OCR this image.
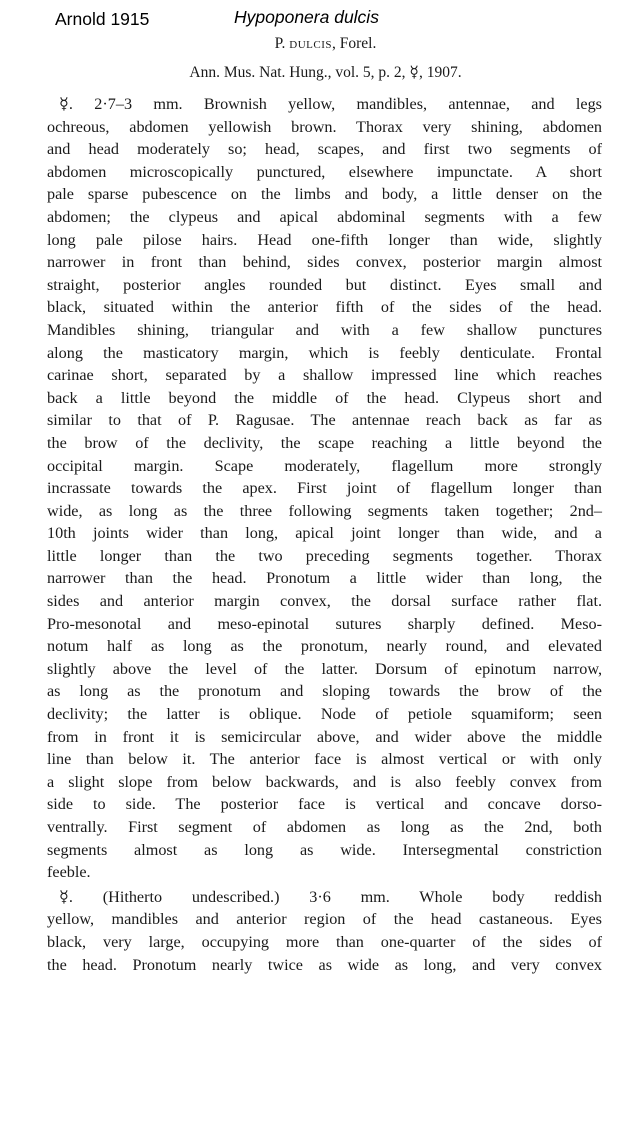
Arnold 1915	Hypoponera dulcis
P. dulcis, Forel.
Ann. Mus. Nat. Hung., vol. 5, p. 2, ☿, 1907.
☿. 2·7–3 mm. Brownish yellow, mandibles, antennae, and legs
ochreous, abdomen yellowish brown. Thorax very shining, abdomen
and head moderately so; head, scapes, and first two segments of
abdomen microscopically punctured, elsewhere impunctate. A short
pale sparse pubescence on the limbs and body, a little denser on the
abdomen; the clypeus and apical abdominal segments with a few
long pale pilose hairs. Head one-fifth longer than wide, slightly
narrower in front than behind, sides convex, posterior margin almost
straight, posterior angles rounded but distinct. Eyes small and
black, situated within the anterior fifth of the sides of the head.
Mandibles shining, triangular and with a few shallow punctures
along the masticatory margin, which is feebly denticulate. Frontal
carinae short, separated by a shallow impressed line which reaches
back a little beyond the middle of the head. Clypeus short and
similar to that of P. Ragusae. The antennae reach back as far as
the brow of the declivity, the scape reaching a little beyond the
occipital margin. Scape moderately, flagellum more strongly
incrassate towards the apex. First joint of flagellum longer than
wide, as long as the three following segments taken together; 2nd–
10th joints wider than long, apical joint longer than wide, and a
little longer than the two preceding segments together. Thorax
narrower than the head. Pronotum a little wider than long, the
sides and anterior margin convex, the dorsal surface rather flat.
Pro-mesonotal and meso-epinotal sutures sharply defined. Meso-
notum half as long as the pronotum, nearly round, and elevated
slightly above the level of the latter. Dorsum of epinotum narrow,
as long as the pronotum and sloping towards the brow of the
declivity; the latter is oblique. Node of petiole squamiform; seen
from in front it is semicircular above, and wider above the middle
line than below it. The anterior face is almost vertical or with only
a slight slope from below backwards, and is also feebly convex from
side to side. The posterior face is vertical and concave dorso-
ventrally. First segment of abdomen as long as the 2nd, both
segments almost as long as wide. Intersegmental constriction
feeble.
☿. (Hitherto undescribed.) 3·6 mm. Whole body reddish
yellow, mandibles and anterior region of the head castaneous. Eyes
black, very large, occupying more than one-quarter of the sides of
the head. Pronotum nearly twice as wide as long, and very convex
